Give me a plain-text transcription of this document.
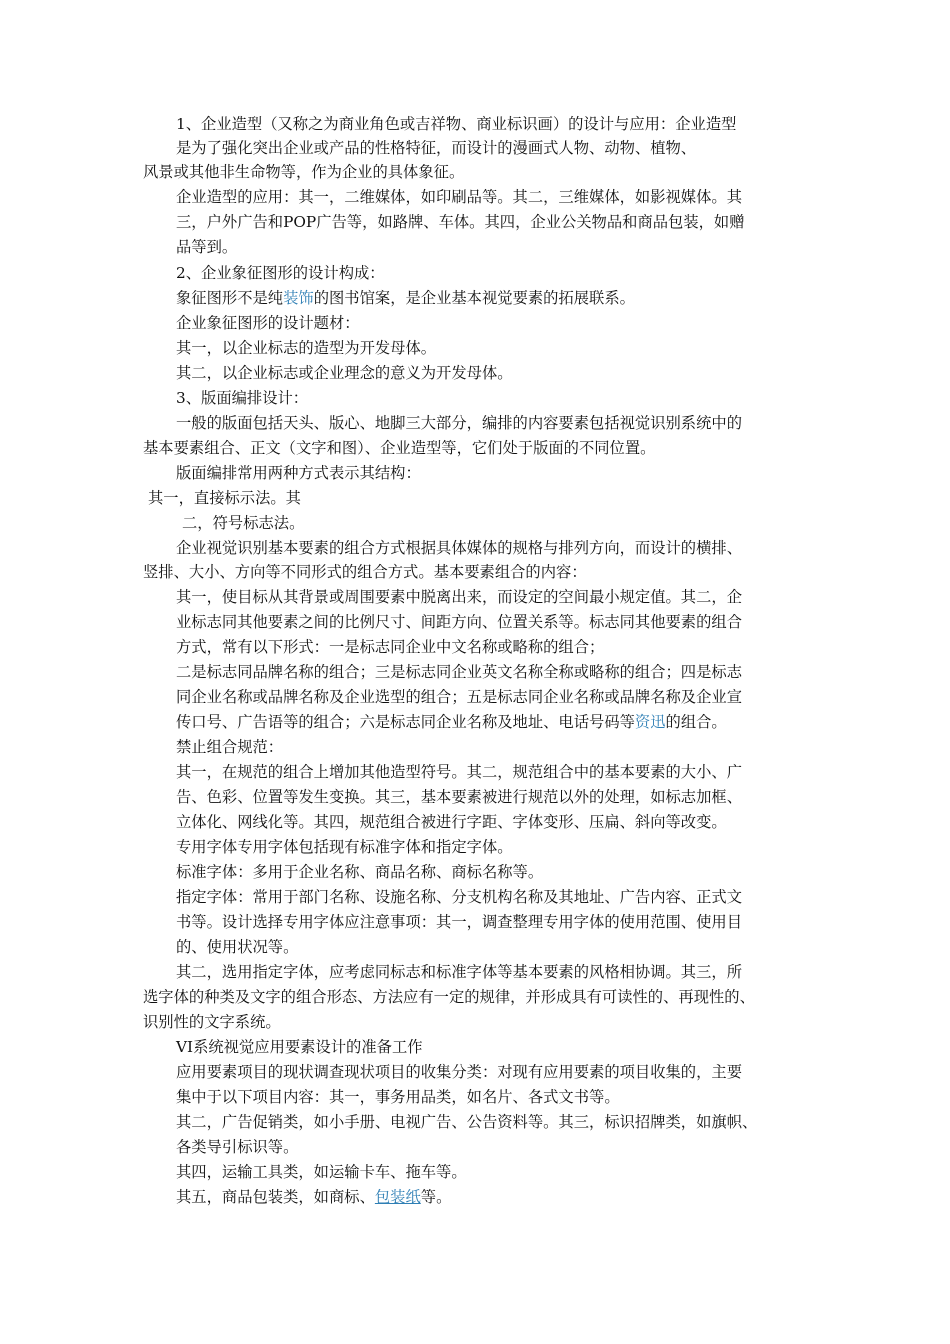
1、企业造型（又称之为商业角色或吉祥物、商业标识画）的设计与应用：企业造型
是为了强化突出企业或产品的性格特征，而设计的漫画式人物、动物、植物、
风景或其他非生命物等，作为企业的具体象征。
企业造型的应用：其一，二维媒体，如印刷品等。其二，三维媒体，如影视媒体。其
三，户外广告和POP广告等，如路牌、车体。其四，企业公关物品和商品包装，如赠
品等到。
2、企业象征图形的设计构成：
象征图形不是纯装饰的图书馆案，是企业基本视觉要素的拓展联系。
企业象征图形的设计题材：
其一，以企业标志的造型为开发母体。
其二，以企业标志或企业理念的意义为开发母体。
3、版面编排设计：
一般的版面包括天头、版心、地脚三大部分，编排的内容要素包括视觉识别系统中的
基本要素组合、正文（文字和图）、企业造型等，它们处于版面的不同位置。
版面编排常用两种方式表示其结构：
其一，直接标示法。其
二，符号标志法。
企业视觉识别基本要素的组合方式根据具体媒体的规格与排列方向，而设计的横排、
竖排、大小、方向等不同形式的组合方式。基本要素组合的内容：
其一，使目标从其背景或周围要素中脱离出来，而设定的空间最小规定值。其二，企
业标志同其他要素之间的比例尺寸、间距方向、位置关系等。标志同其他要素的组合
方式，常有以下形式：一是标志同企业中文名称或略称的组合；
二是标志同品牌名称的组合；三是标志同企业英文名称全称或略称的组合；四是标志
同企业名称或品牌名称及企业选型的组合；五是标志同企业名称或品牌名称及企业宣
传口号、广告语等的组合；六是标志同企业名称及地址、电话号码等资迅的组合。
禁止组合规范：
其一，在规范的组合上增加其他造型符号。其二，规范组合中的基本要素的大小、广
告、色彩、位置等发生变换。其三，基本要素被进行规范以外的处理，如标志加框、
立体化、网线化等。其四，规范组合被进行字距、字体变形、压扁、斜向等改变。
专用字体专用字体包括现有标准字体和指定字体。
标准字体：多用于企业名称、商品名称、商标名称等。
指定字体：常用于部门名称、设施名称、分支机构名称及其地址、广告内容、正式文
书等。设计选择专用字体应注意事项：其一，调查整理专用字体的使用范围、使用目
的、使用状况等。
其二，选用指定字体，应考虑同标志和标准字体等基本要素的风格相协调。其三，所
选字体的种类及文字的组合形态、方法应有一定的规律，并形成具有可读性的、再现性的、
识别性的文字系统。
VI系统视觉应用要素设计的准备工作
应用要素项目的现状调查现状项目的收集分类：对现有应用要素的项目收集的，主要
集中于以下项目内容：其一，事务用品类，如名片、各式文书等。
其二，广告促销类，如小手册、电视广告、公告资料等。其三，标识招牌类，如旗帜、
各类导引标识等。
其四，运输工具类，如运输卡车、拖车等。
其五，商品包装类，如商标、包装纸等。
